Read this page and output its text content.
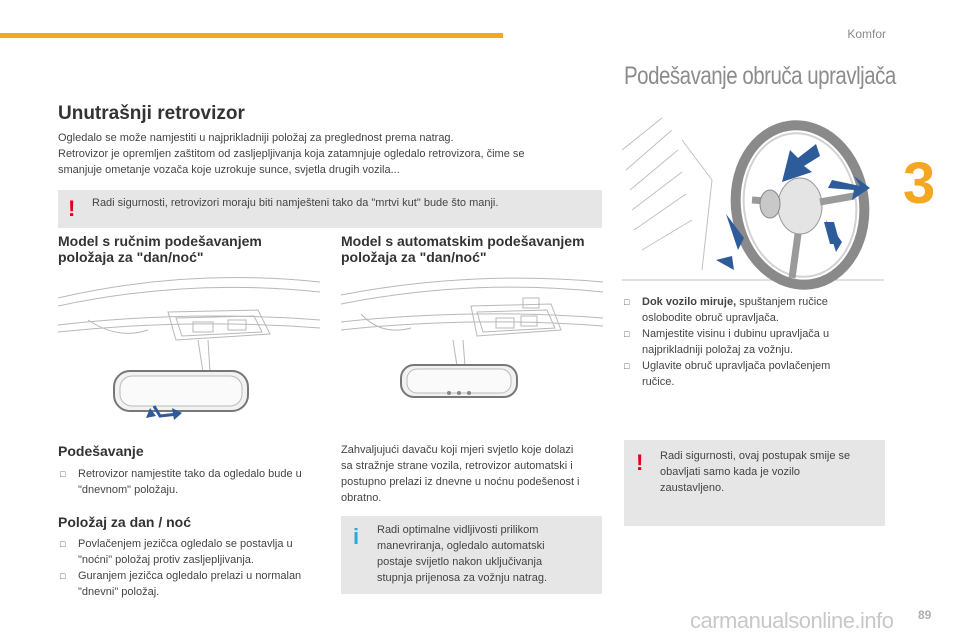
Komfor
3
Unutrašnji retrovizor
Ogledalo se može namjestiti u najprikladniji položaj za preglednost prema natrag.
Retrovizor je opremljen zaštitom od zasljepljivanja koja zatamnjuje ogledalo retrovizora, čime se
smanjuje ometanje vozača koje uzrokuje sunce, svjetla drugih vozila...
! Radi sigurnosti, retrovizori moraju biti namješteni tako da "mrtvi kut" bude što manji.
Model s ručnim podešavanjem
položaja za "dan/noć"
Podešavanje
□	Retrovizor namjestite tako da ogledalo bude u "dnevnom" položaju.
Položaj za dan / noć
□	Povlačenjem jezičca ogledalo se postavlja u "noćni" položaj protiv zasljepljivanja.
□	Guranjem jezičca ogledalo prelazi u normalan "dnevni" položaj.
Model s automatskim podešavanjem
položaja za "dan/noć"
Zahvaljujući davaču koji mjeri svjetlo koje dolazi sa stražnje strane vozila, retrovizor automatski i postupno prelazi iz dnevne u noćnu podešenost i obratno.
i Radi optimalne vidljivosti prilikom manevriranja, ogledalo automatski postaje svijetlo nakon uključivanja stupnja prijenosa za vožnju natrag.
Podešavanje obruča upravljača
□	Dok vozilo miruje, spuštanjem ručice oslobodite obruč upravljača.
□	Namjestite visinu i dubinu upravljača u najprikladniji položaj za vožnju.
□	Uglavite obruč upravljača povlačenjem ručice.
! Radi sigurnosti, ovaj postupak smije se obavljati samo kada je vozilo zaustavljeno.
carmanualsonline.info 89
